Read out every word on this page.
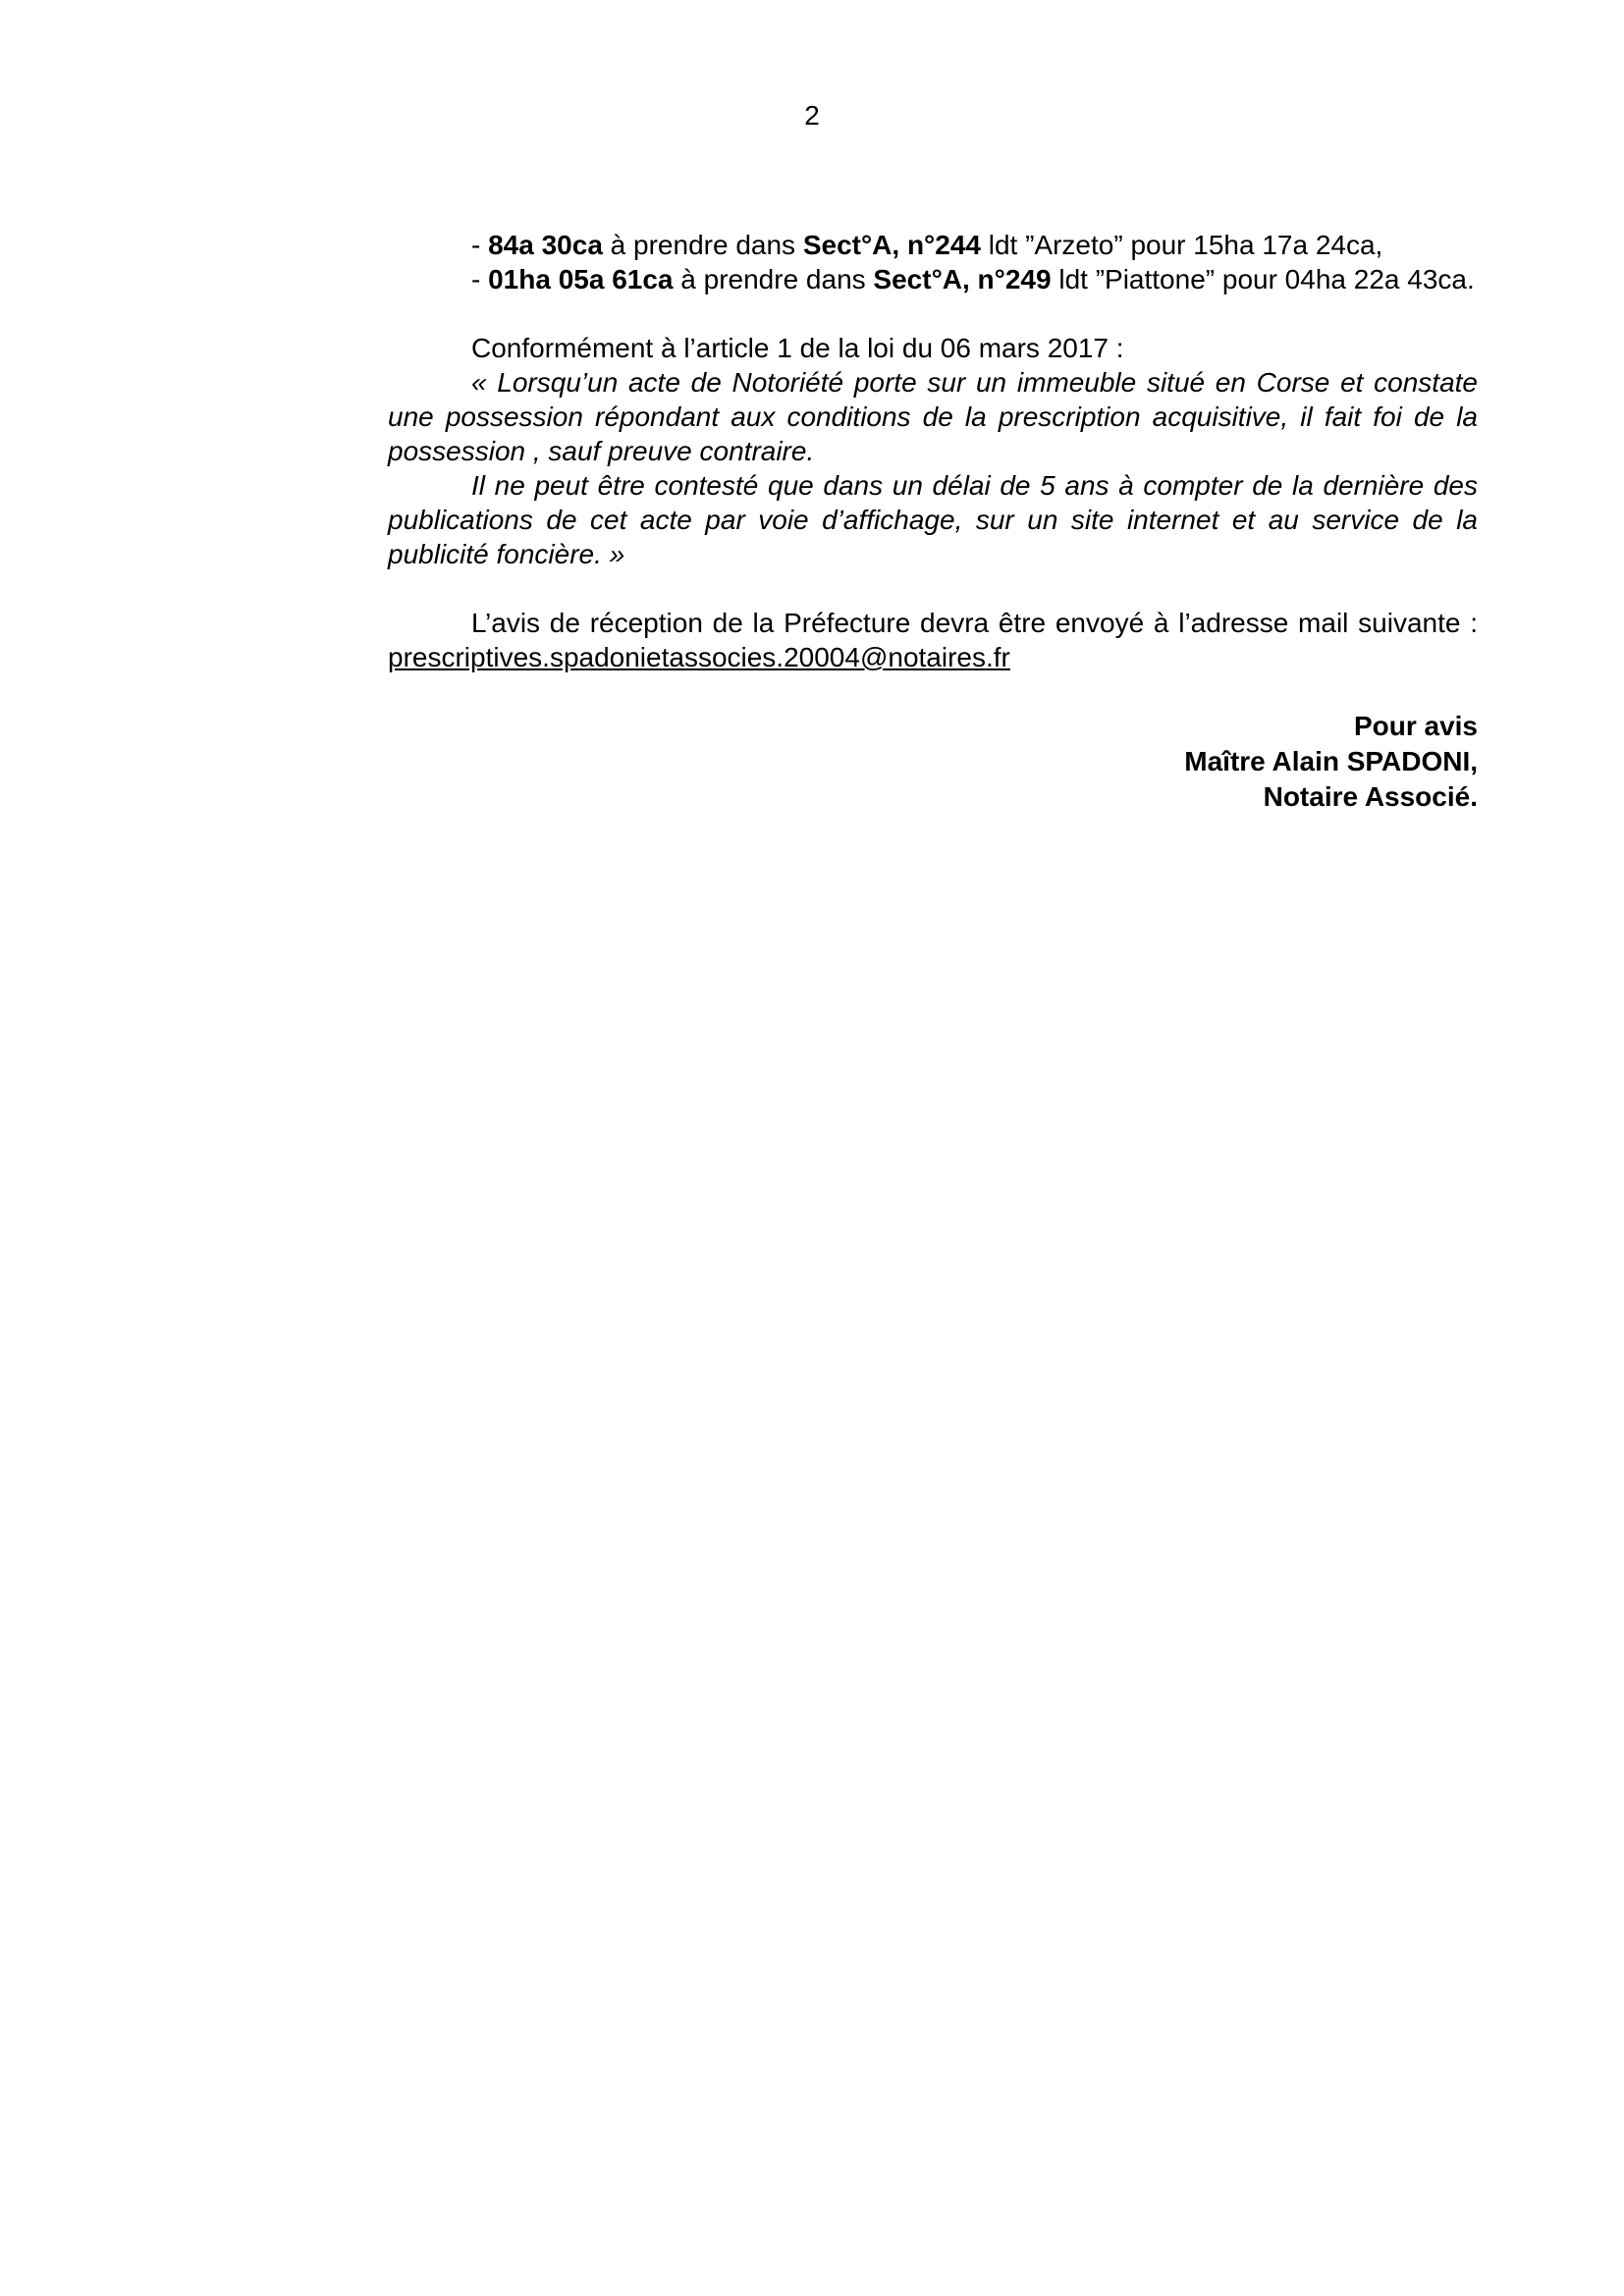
2

- 84a 30ca à prendre dans Sect°A, n°244 ldt ”Arzeto” pour 15ha 17a 24ca,

- 01ha 05a 61ca à prendre dans Sect°A, n°249 ldt ”Piattone” pour 04ha 22a 43ca.

Conformément à l’article 1 de la loi du 06 mars 2017 :

« Lorsqu’un acte de Notoriété porte sur un immeuble situé en Corse et constate une possession répondant aux conditions de la prescription acquisitive, il fait foi de la possession , sauf preuve contraire.

Il ne peut être contesté que dans un délai de 5 ans à compter de la dernière des publications de cet acte par voie d’affichage, sur un site internet et au service de la publicité foncière. »

L’avis de réception de la Préfecture devra être envoyé à l’adresse mail suivante : prescriptives.spadonietassocies.20004@notaires.fr

Pour avis
Maître Alain SPADONI,
Notaire Associé.
